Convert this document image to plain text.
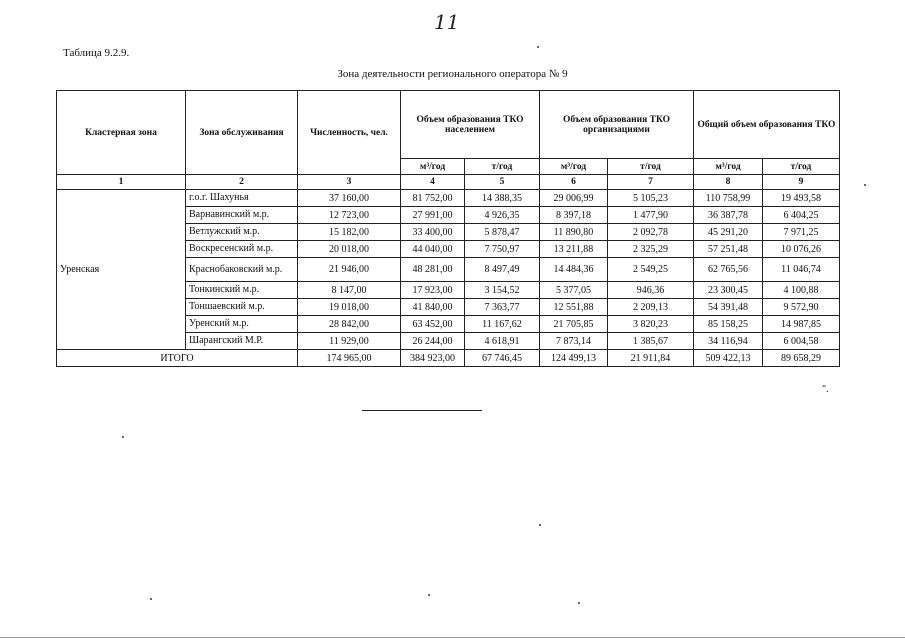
11
Таблица 9.2.9.
Зона деятельности регионального оператора № 9
Кластерная зона	Зона обслуживания	Численность, чел.	Объем образования ТКО населением		Объем образования ТКО организациями		Общий объем образования ТКО	
			м³/год	т/год	м³/год	т/год	м³/год	т/год
1	2	3	4	5	6	7	8	9
Уренская	г.о.г. Шахунья	37 160,00	81 752,00	14 388,35	29 006,99	5 105,23	110 758,99	19 493,58
	Варнавинский м.р.	12 723,00	27 991,00	4 926,35	8 397,18	1 477,90	36 387,78	6 404,25
	Ветлужский м.р.	15 182,00	33 400,00	5 878,47	11 890,80	2 092,78	45 291,20	7 971,25
	Воскресенский м.р.	20 018,00	44 040,00	7 750,97	13 211,88	2 325,29	57 251,48	10 076,26
	Краснобаковский м.р.	21 946,00	48 281,00	8 497,49	14 484,36	2 549,25	62 765,56	11 046,74
	Тонкинский м.р.	8 147,00	17 923,00	3 154,52	5 377,05	946,36	23 300,45	4 100,88
	Тоншаевский м.р.	19 018,00	41 840,00	7 363,77	12 551,88	2 209,13	54 391,48	9 572,90
	Уренский м.р.	28 842,00	63 452,00	11 167,62	21 705,85	3 820,23	85 158,25	14 987,85
	Шарангский М.Р.	11 929,00	26 244,00	4 618,91	7 873,14	1 385,67	34 116,94	6 004,58
ИТОГО		174 965,00	384 923,00	67 746,45	124 499,13	21 911,84	509 422,13	89 658,29
".
